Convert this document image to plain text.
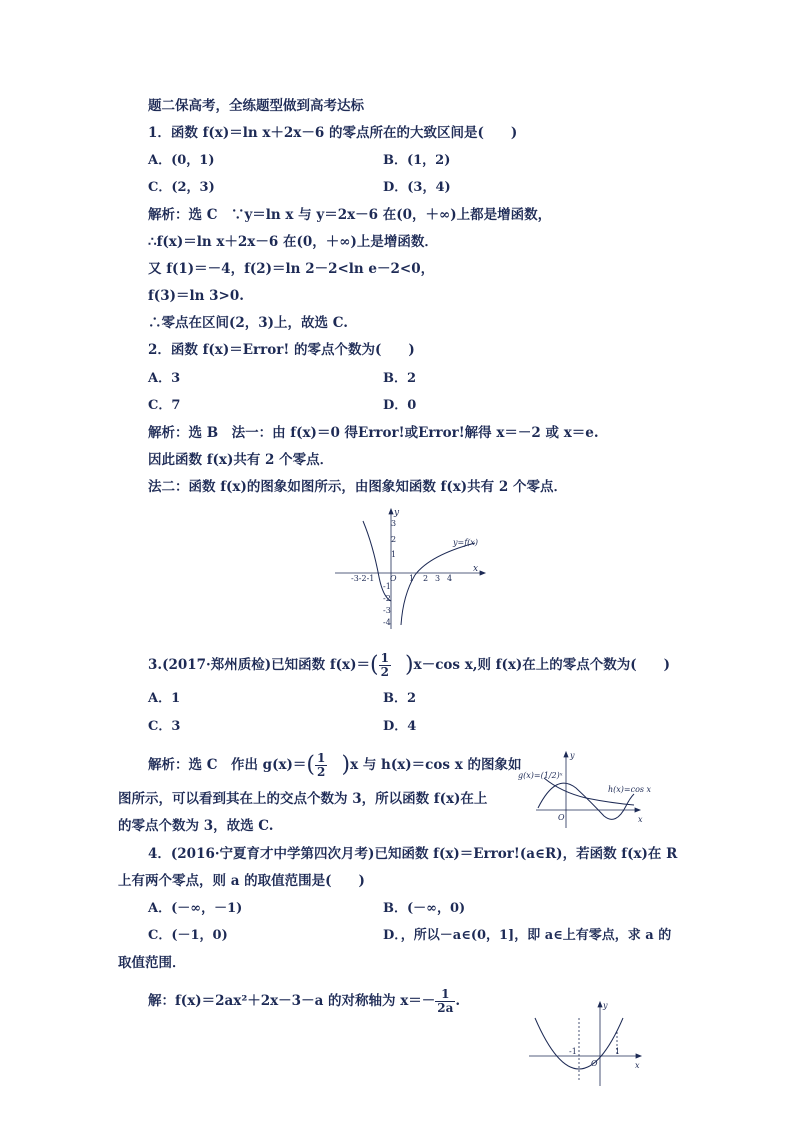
题二保高考，全练题型做到高考达标
1．函数 f(x)＝ln x＋2x－6 的零点所在的大致区间是(　　)
A．(0，1)	B．(1，2)
C．(2，3)	D．(3，4)
解析：选 C　∵y＝ln x 与 y＝2x－6 在(0，＋∞)上都是增函数，
∴f(x)＝ln x＋2x－6 在(0，＋∞)上是增函数．
又 f(1)＝－4，f(2)＝ln 2－2<ln e－2<0，
f(3)＝ln 3>0.
∴零点在区间(2，3)上，故选 C.
2．函数 f(x)＝Error! 的零点个数为(　　)
A．3	B．2
C．7	D．0
解析：选 B　法一：由 f(x)＝0 得Error!或Error!解得 x＝－2 或 x＝e.
因此函数 f(x)共有 2 个零点．
法二：函数 f(x)的图象如图所示，由图象知函数 f(x)共有 2 个零点．
y
x
y=f(x)
3
2
1
-1
-2
-3
-4
-3-2-1 O 1 2 3 4
3.(2017·郑州质检)已知函数 $f(x)=( \frac{1}{2} )x-\cos$ x,则 f(x)在上的零点个数为(　　)
A．1	B．2
C．3	D．4
解析：选 C　作出 $g(x)=( \frac{1}{2} )x$ 与 h(x)＝cos x 的图象如
图所示，可以看到其在上的交点个数为 3，所以函数 f(x)在上
的零点个数为 3，故选 C.
g(x)=(1/2)ˣ
h(x)=cos x
y
x
O
4．(2016·宁夏育才中学第四次月考)已知函数 f(x)＝Error!(a∈R)，若函数 f(x)在 R
上有两个零点，则 a 的取值范围是(　　)
A．(－∞，－1)	B．(－∞，0)
C．(－1，0)	D．，所以－a∈(0，1]，即 a∈上有零点，求 a 的
取值范围．
解：f(x)＝2ax²＋2x－3－a 的对称轴为 $x=- \frac{1}{2a}$ .	y
x
O
-1	1
